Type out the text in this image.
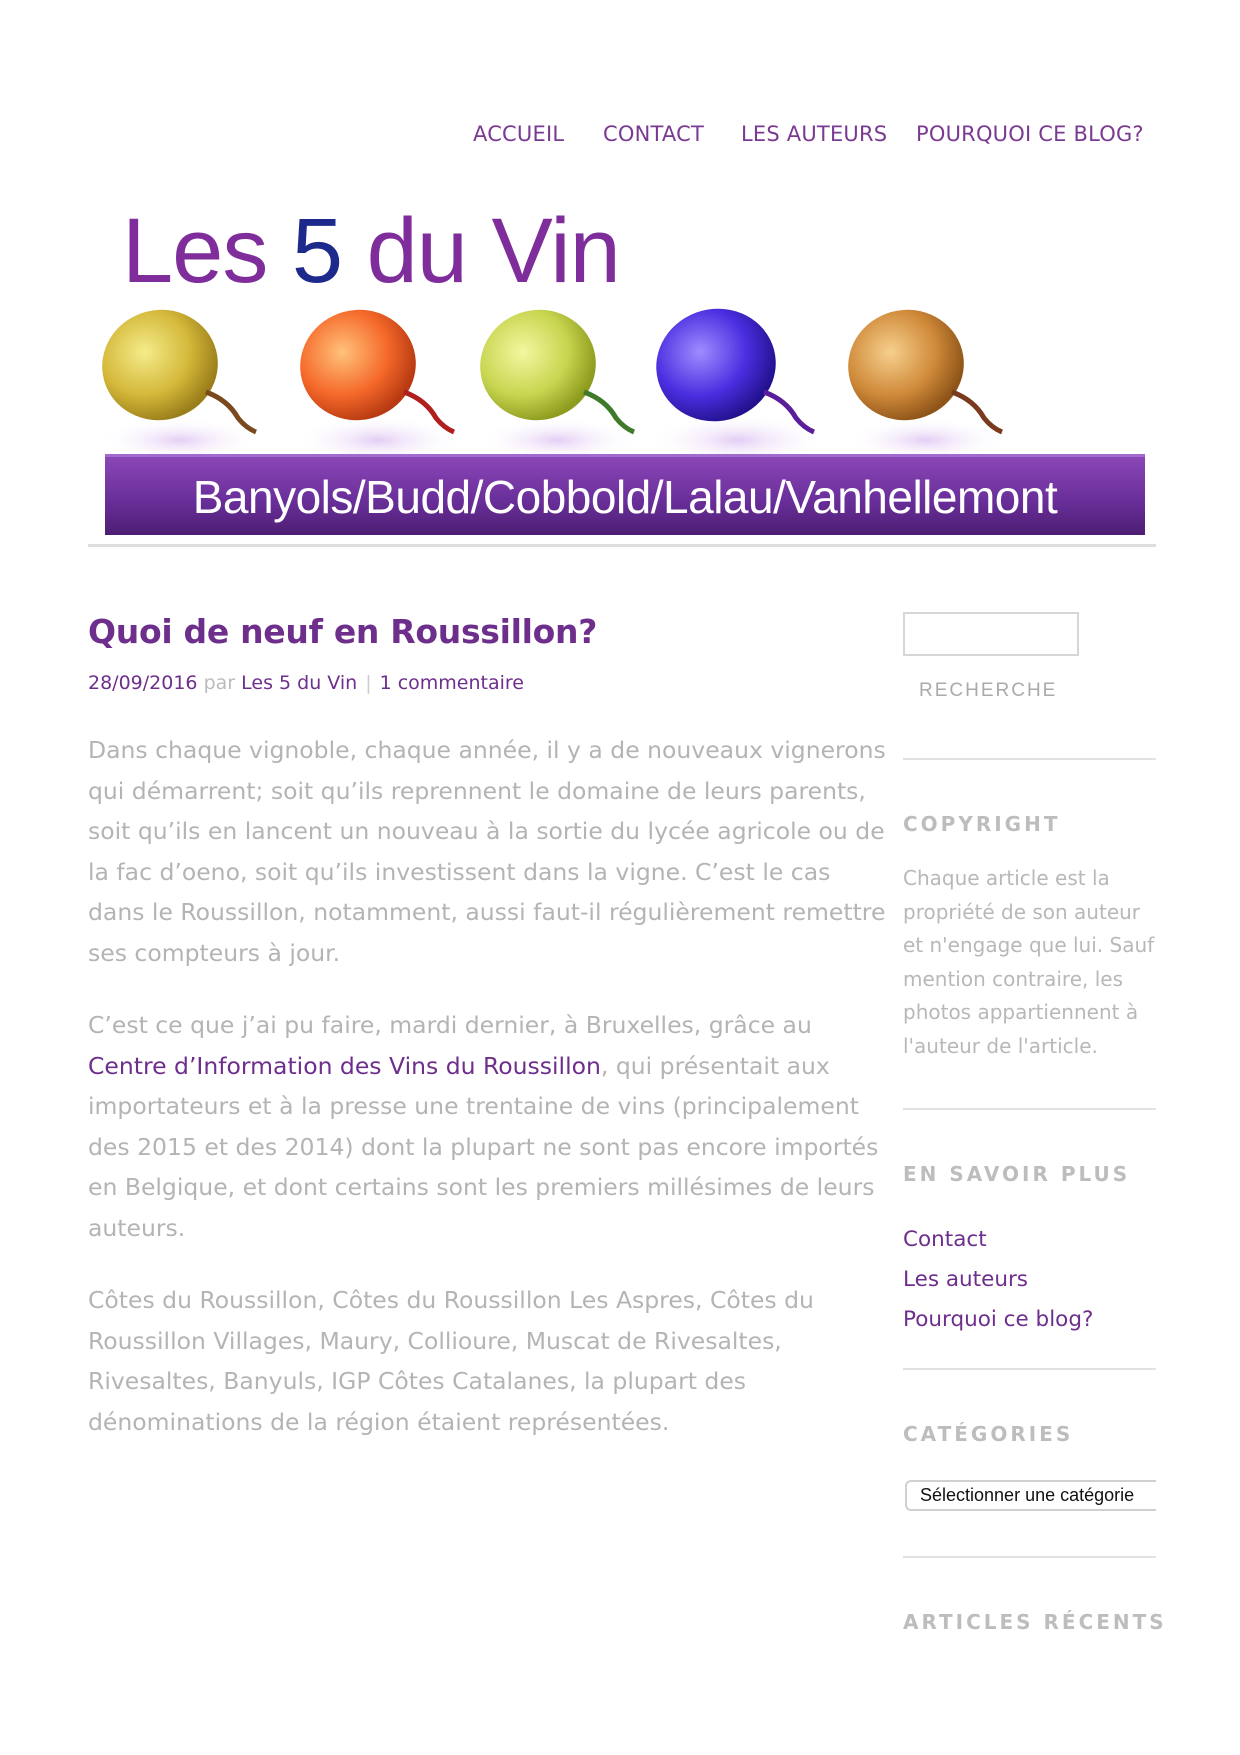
ACCUEIL CONTACT LES AUTEURS POURQUOI CE BLOG?
Les 5 du Vin
Banyols/Budd/Cobbold/Lalau/Vanhellemont
Quoi de neuf en Roussillon?
28/09/2016 par Les 5 du Vin | 1 commentaire

Dans chaque vignoble, chaque année, il y a de nouveaux vignerons qui démarrent; soit qu’ils reprennent le domaine de leurs parents, soit qu’ils en lancent un nouveau à la sortie du lycée agricole ou de la fac d’oeno, soit qu’ils investissent dans la vigne. C’est le cas dans le Roussillon, notamment, aussi faut-il régulièrement remettre ses compteurs à jour.

C’est ce que j’ai pu faire, mardi dernier, à Bruxelles, grâce au Centre d’Information des Vins du Roussillon, qui présentait aux importateurs et à la presse une trentaine de vins (principalement des 2015 et des 2014) dont la plupart ne sont pas encore importés en Belgique, et dont certains sont les premiers millésimes de leurs auteurs.

Côtes du Roussillon, Côtes du Roussillon Les Aspres, Côtes du Roussillon Villages, Maury, Collioure, Muscat de Rivesaltes, Rivesaltes, Banyuls, IGP Côtes Catalanes, la plupart des dénominations de la région étaient représentées.

RECHERCHE
COPYRIGHT
Chaque article est la propriété de son auteur et n'engage que lui. Sauf mention contraire, les photos appartiennent à l'auteur de l'article.
EN SAVOIR PLUS
Contact
Les auteurs
Pourquoi ce blog?
CATÉGORIES
Sélectionner une catégorie
ARTICLES RÉCENTS
